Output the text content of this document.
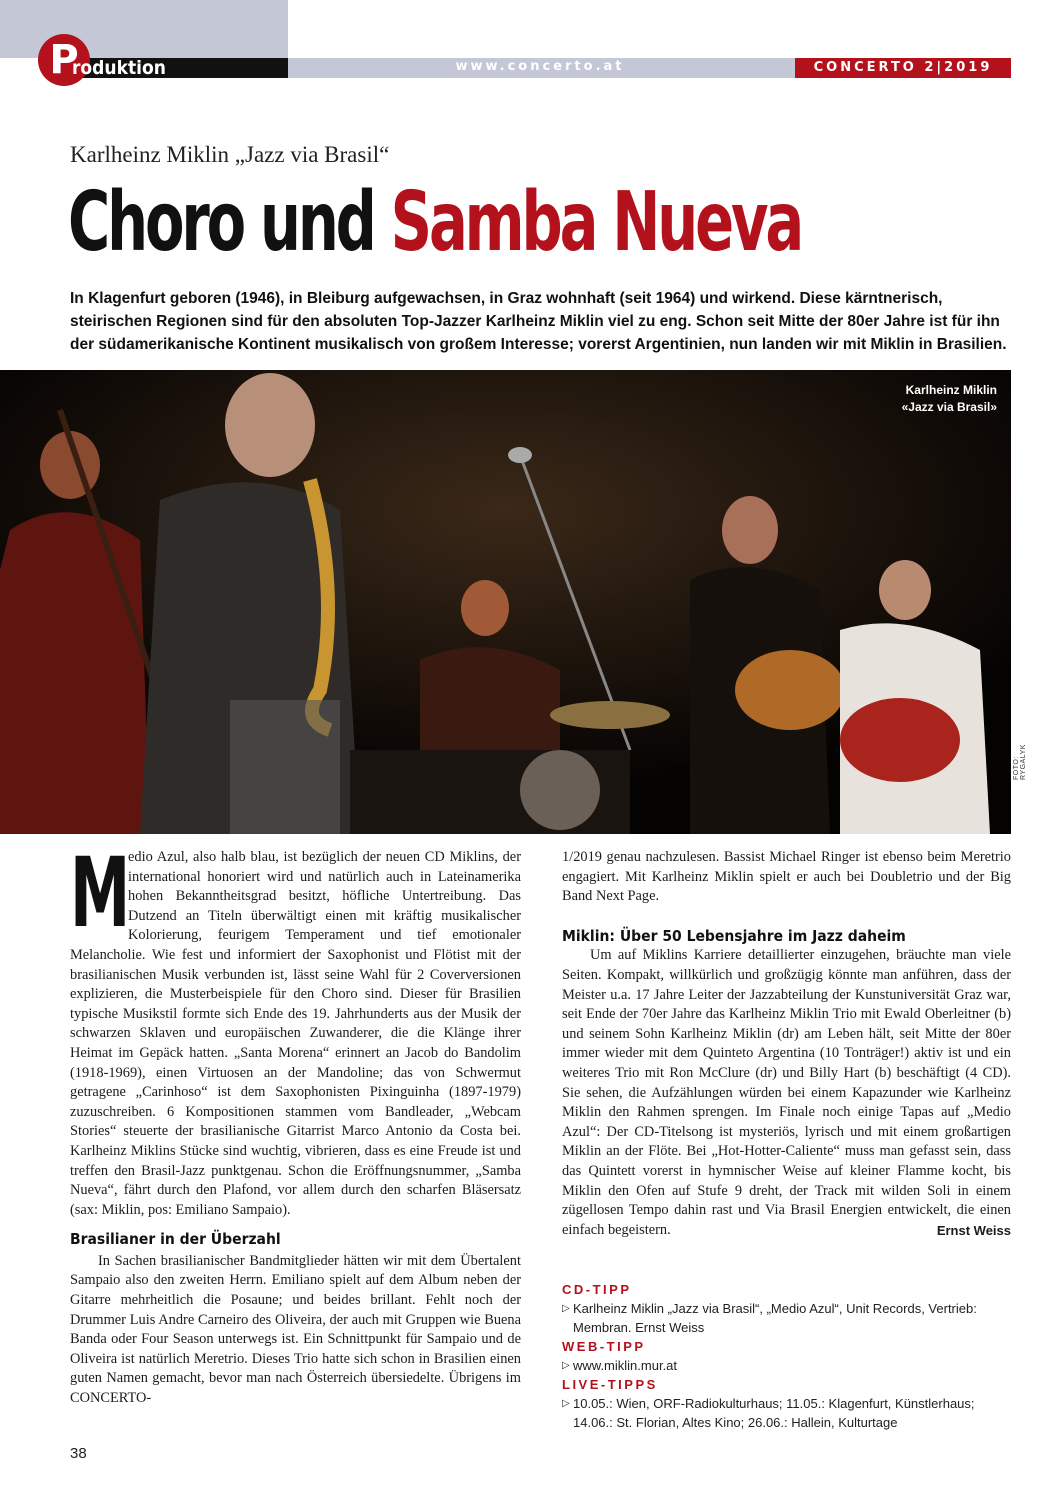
P
roduktion	www.concerto.at	CONCERTO 2|2019
Karlheinz Miklin „Jazz via Brasil“
Choro und Samba Nueva
In Klagenfurt geboren (1946), in Bleiburg aufgewachsen, in Graz wohnhaft (seit 1964) und wirkend. Diese kärntnerisch, steirischen Regionen sind für den absoluten Top-Jazzer Karlheinz Miklin viel zu eng. Schon seit Mitte der 80er Jahre ist für ihn der südamerikanische Kontinent musikalisch von großem Interesse; vorerst Argentinien, nun landen wir mit Miklin in Brasilien.
Karlheinz Miklin
«Jazz via Brasil»
FOTO: RYGALYK

M
edio Azul, also halb blau, ist bezüglich der neuen CD Miklins, der international honoriert wird und natürlich auch in Lateinamerika hohen Bekanntheitsgrad besitzt, höfliche Untertreibung. Das Dutzend an Titeln überwältigt einen mit kräftig musikalischer Kolorierung, feurigem Temperament und tief emotionaler Melancholie. Wie fest und informiert der Saxophonist und Flötist mit der brasilianischen Musik verbunden ist, lässt seine Wahl für 2 Coverversionen explizieren, die Musterbeispiele für den Choro sind. Dieser für Brasilien typische Musikstil formte sich Ende des 19. Jahrhunderts aus der Musik der schwarzen Sklaven und europäischen Zuwanderer, die die Klänge ihrer Heimat im Gepäck hatten. „Santa Morena“ erinnert an Jacob do Bandolim (1918-1969), einen Virtuosen an der Mandoline; das von Schwermut getragene „Carinhoso“ ist dem Saxophonisten Pixinguinha (1897-1979) zuzuschreiben. 6 Kompositionen stammen vom Bandleader, „Webcam Stories“ steuerte der brasilianische Gitarrist Marco Antonio da Costa bei. Karlheinz Miklins Stücke sind wuchtig, vibrieren, dass es eine Freude ist und treffen den Brasil-Jazz punktgenau. Schon die Eröffnungsnummer, „Samba Nueva“, fährt durch den Plafond, vor allem durch den scharfen Bläsersatz (sax: Miklin, pos: Emiliano Sampaio).

Brasilianer in der Überzahl

In Sachen brasilianischer Bandmitglieder hätten wir mit dem Übertalent Sampaio also den zweiten Herrn. Emiliano spielt auf dem Album neben der Gitarre mehrheitlich die Posaune; und beides brillant. Fehlt noch der Drummer Luis Andre Carneiro des Oliveira, der auch mit Gruppen wie Buena Banda oder Four Season unterwegs ist. Ein Schnittpunkt für Sampaio und de Oliveira ist natürlich Meretrio. Dieses Trio hatte sich schon in Brasilien einen guten Namen gemacht, bevor man nach Österreich übersiedelte. Übrigens im CONCERTO-

1/2019 genau nachzulesen. Bassist Michael Ringer ist ebenso beim Meretrio engagiert. Mit Karlheinz Miklin spielt er auch bei Doubletrio und der Big Band Next Page.

Miklin: Über 50 Lebensjahre im Jazz daheim

Um auf Miklins Karriere detaillierter einzugehen, bräuchte man viele Seiten. Kompakt, willkürlich und großzügig könnte man anführen, dass der Meister u.a. 17 Jahre Leiter der Jazzabteilung der Kunstuniversität Graz war, seit Ende der 70er Jahre das Karlheinz Miklin Trio mit Ewald Oberleitner (b) und seinem Sohn Karlheinz Miklin (dr) am Leben hält, seit Mitte der 80er immer wieder mit dem Quinteto Argentina (10 Tonträger!) aktiv ist und ein weiteres Trio mit Ron McClure (dr) und Billy Hart (b) beschäftigt (4 CD). Sie sehen, die Aufzählungen würden bei einem Kapazunder wie Karlheinz Miklin den Rahmen sprengen. Im Finale noch einige Tapas auf „Medio Azul“: Der CD-Titelsong ist mysteriös, lyrisch und mit einem großartigen Miklin an der Flöte. Bei „Hot-Hotter-Caliente“ muss man gefasst sein, dass das Quintett vorerst in hymnischer Weise auf kleiner Flamme kocht, bis Miklin den Ofen auf Stufe 9 dreht, der Track mit wilden Soli in einem zügellosen Tempo dahin rast und Via Brasil Energien entwickelt, die einen einfach begeistern.	Ernst Weiss

CD-TIPP
▷ Karlheinz Miklin „Jazz via Brasil“, „Medio Azul“, Unit Records, Vertrieb: Membran. Ernst Weiss
WEB-TIPP
▷ www.miklin.mur.at
LIVE-TIPPS
▷ 10.05.: Wien, ORF-Radiokulturhaus; 11.05.: Klagenfurt, Künstlerhaus; 14.06.: St. Florian, Altes Kino; 26.06.: Hallein, Kulturtage
38
